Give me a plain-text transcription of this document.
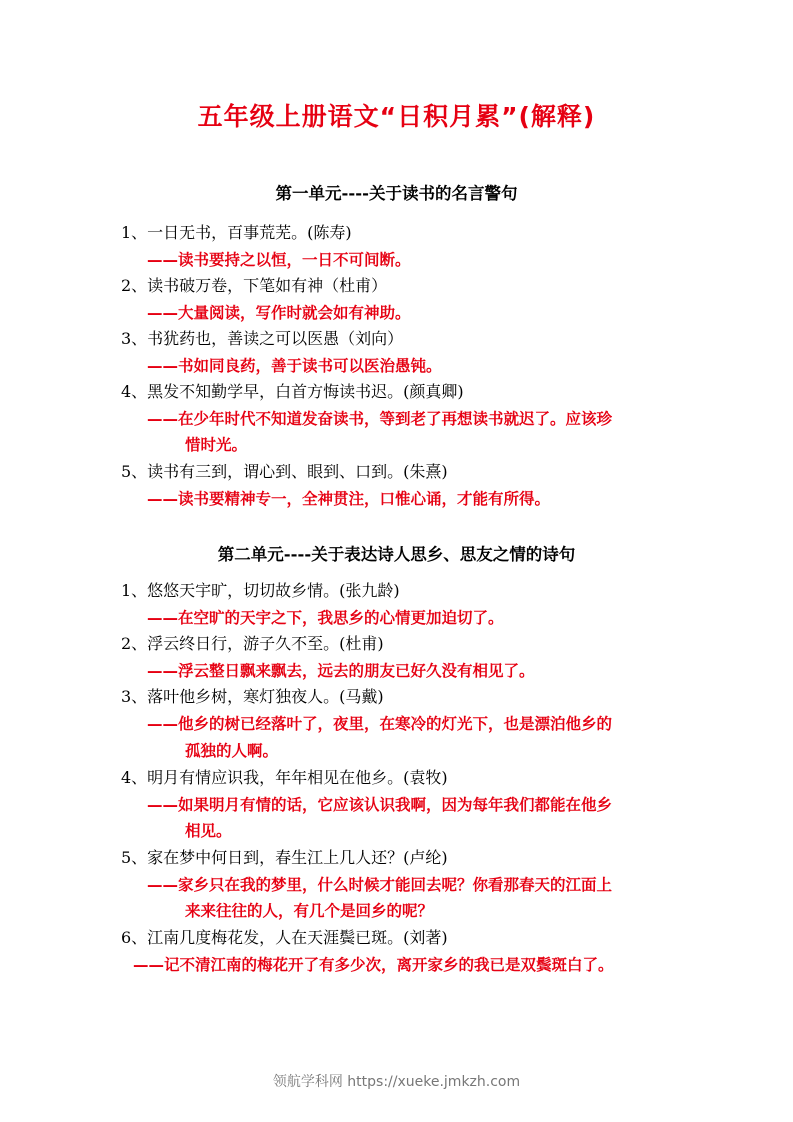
五年级上册语文“日积月累”(解释)
第一单元----关于读书的名言警句
1、一日无书，百事荒芜。(陈寿)
——读书要持之以恒，一日不可间断。
2、读书破万卷，下笔如有神（杜甫）
——大量阅读，写作时就会如有神助。
3、书犹药也，善读之可以医愚（刘向）
——书如同良药，善于读书可以医治愚钝。
4、黑发不知勤学早，白首方悔读书迟。(颜真卿)
——在少年时代不知道发奋读书，等到老了再想读书就迟了。应该珍
惜时光。
5、读书有三到，谓心到、眼到、口到。(朱熹)
——读书要精神专一，全神贯注，口惟心诵，才能有所得。
第二单元----关于表达诗人思乡、思友之情的诗句
1、悠悠天宇旷，切切故乡情。(张九龄)
——在空旷的天宇之下，我思乡的心情更加迫切了。
2、浮云终日行，游子久不至。(杜甫)
——浮云整日飘来飘去，远去的朋友已好久没有相见了。
3、落叶他乡树，寒灯独夜人。(马戴)
——他乡的树已经落叶了，夜里，在寒冷的灯光下，也是漂泊他乡的
孤独的人啊。
4、明月有情应识我，年年相见在他乡。(袁牧)
——如果明月有情的话，它应该认识我啊，因为每年我们都能在他乡
相见。
5、家在梦中何日到，春生江上几人还？(卢纶)
——家乡只在我的梦里，什么时候才能回去呢？你看那春天的江面上
来来往往的人，有几个是回乡的呢？
6、江南几度梅花发，人在天涯鬓已斑。(刘著)
——记不清江南的梅花开了有多少次，离开家乡的我已是双鬓斑白了。
领航学科网 https://xueke.jmkzh.com
